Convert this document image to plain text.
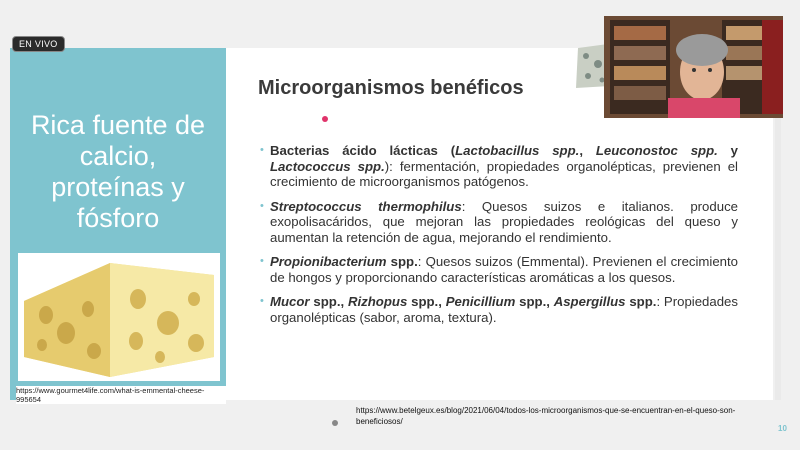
Rica fuente de
calcio,
proteínas y
fósforo
https://www.gourmet4life.com/what-is-emmental-cheese-995654
Microorganismos benéficos
• Bacterias ácido lácticas (Lactobacillus spp., Leuconostoc spp. y Lactococcus spp.): fermentación, propiedades organolépticas, previenen el crecimiento de microorganismos patógenos.
• Streptococcus thermophilus: Quesos suizos e italianos. produce exopolisacáridos, que mejoran las propiedades reológicas del queso y aumentan la retención de agua, mejorando el rendimiento.
• Propionibacterium spp.: Quesos suizos (Emmental). Previenen el crecimiento de hongos y proporcionando características aromáticas a los quesos.
• Mucor spp., Rizhopus spp., Penicillium spp., Aspergillus spp.: Propiedades organolépticas (sabor, aroma, textura).
EN VIVO
https://www.betelgeux.es/blog/2021/06/04/todos-los-microorganismos-que-se-encuentran-en-el-queso-son-beneficiosos/
10
